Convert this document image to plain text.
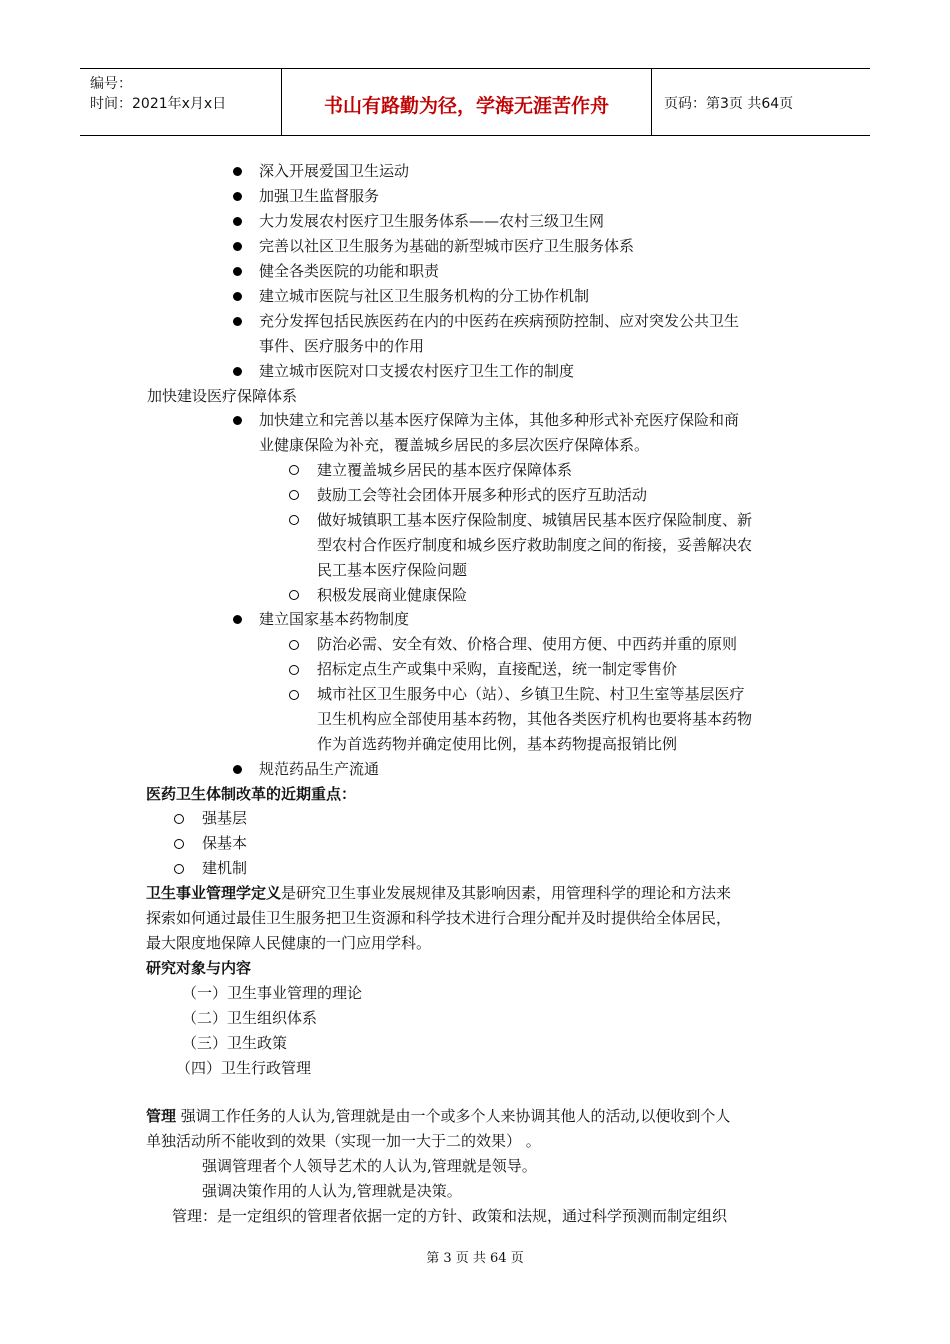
编号：
时间：2021年x月x日	书山有路勤为径，学海无涯苦作舟	页码：第3页 共64页
深入开展爱国卫生运动
加强卫生监督服务
大力发展农村医疗卫生服务体系——农村三级卫生网
完善以社区卫生服务为基础的新型城市医疗卫生服务体系
健全各类医院的功能和职责
建立城市医院与社区卫生服务机构的分工协作机制
充分发挥包括民族医药在内的中医药在疾病预防控制、应对突发公共卫生
事件、医疗服务中的作用
建立城市医院对口支援农村医疗卫生工作的制度
加快建设医疗保障体系
加快建立和完善以基本医疗保障为主体，其他多种形式补充医疗保险和商
业健康保险为补充，覆盖城乡居民的多层次医疗保障体系。
建立覆盖城乡居民的基本医疗保障体系
鼓励工会等社会团体开展多种形式的医疗互助活动
做好城镇职工基本医疗保险制度、城镇居民基本医疗保险制度、新
型农村合作医疗制度和城乡医疗救助制度之间的衔接，妥善解决农
民工基本医疗保险问题
积极发展商业健康保险
建立国家基本药物制度
防治必需、安全有效、价格合理、使用方便、中西药并重的原则
招标定点生产或集中采购，直接配送，统一制定零售价
城市社区卫生服务中心（站）、乡镇卫生院、村卫生室等基层医疗
卫生机构应全部使用基本药物，其他各类医疗机构也要将基本药物
作为首选药物并确定使用比例，基本药物提高报销比例
规范药品生产流通
医药卫生体制改革的近期重点：
强基层
保基本
建机制
卫生事业管理学定义是研究卫生事业发展规律及其影响因素，用管理科学的理论和方法来
探索如何通过最佳卫生服务把卫生资源和科学技术进行合理分配并及时提供给全体居民，
最大限度地保障人民健康的一门应用学科。
研究对象与内容
（一）卫生事业管理的理论
（二）卫生组织体系
（三）卫生政策
（四）卫生行政管理
管理 强调工作任务的人认为,管理就是由一个或多个人来协调其他人的活动,以便收到个人
单独活动所不能收到的效果（实现一加一大于二的效果） 。
强调管理者个人领导艺术的人认为,管理就是领导。
强调决策作用的人认为,管理就是决策。
管理：是一定组织的管理者依据一定的方针、政策和法规，通过科学预测而制定组织
第 3 页 共 64 页
